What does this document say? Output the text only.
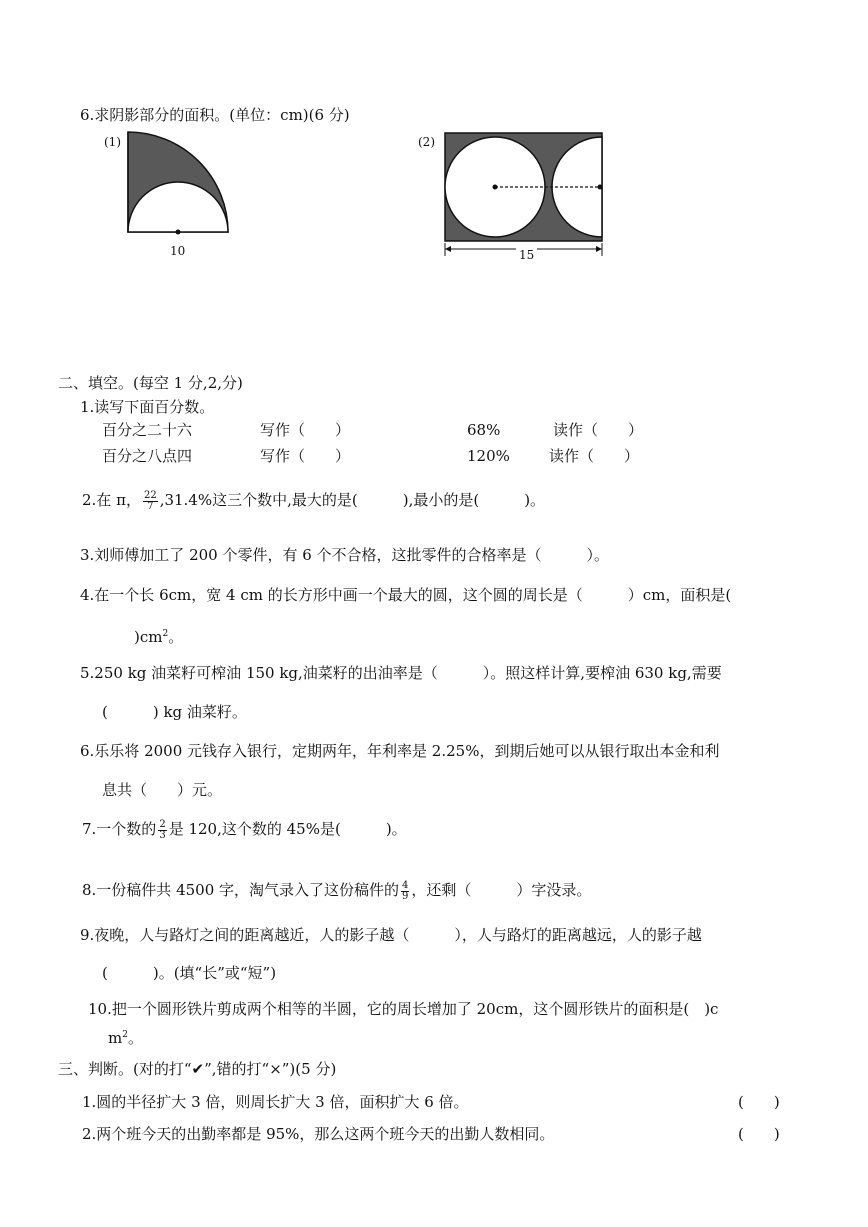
6.求阴影部分的面积。(单位：cm)(6 分)
(1)
10
(2)
15
二、填空。(每空 1 分,2,分)
1.读写下面百分数。
百分之二十六	写作（　　）	68%	读作（　　）
百分之八点四	写作（　　）	120%	读作（　　）
2.在 π， $\frac{22}{7} ,31.4\%$这三个数中,最大的是(　　　),最小的是(　　　)。
3.刘师傅加工了 200 个零件，有 6 个不合格，这批零件的合格率是（　　　）。
4.在一个长 6cm，宽 4 cm 的长方形中画一个最大的圆，这个圆的周长是（　　　）cm，面积是(
)$cm^2$。
5.250 kg 油菜籽可榨油 150 kg,油菜籽的出油率是（　　　）。照这样计算,要榨油 630 kg,需要
(　　　) kg 油菜籽。
6.乐乐将 2000 元钱存入银行，定期两年，年利率是 2.25%，到期后她可以从银行取出本金和利
息共（　　）元。
7.一个数的 $\frac{2}{3}$ 是 120,这个数的 45%是(　　　)。
8.一份稿件共 4500 字，淘气录入了这份稿件的 $\frac{4}{9}$ ，还剩（　　　）字没录。
9.夜晚，人与路灯之间的距离越近，人的影子越（　　　），人与路灯的距离越远，人的影子越
(　　　)。(填“长”或“短”)
10.把一个圆形铁片剪成两个相等的半圆，它的周长增加了 20cm，这个圆形铁片的面积是(　)c
$m^2$。
三、判断。(对的打“✔”,错的打“×”)(5 分)
1.圆的半径扩大 3 倍，则周长扩大 3 倍，面积扩大 6 倍。	(　　)
2.两个班今天的出勤率都是 95%，那么这两个班今天的出勤人数相同。	(　　)
